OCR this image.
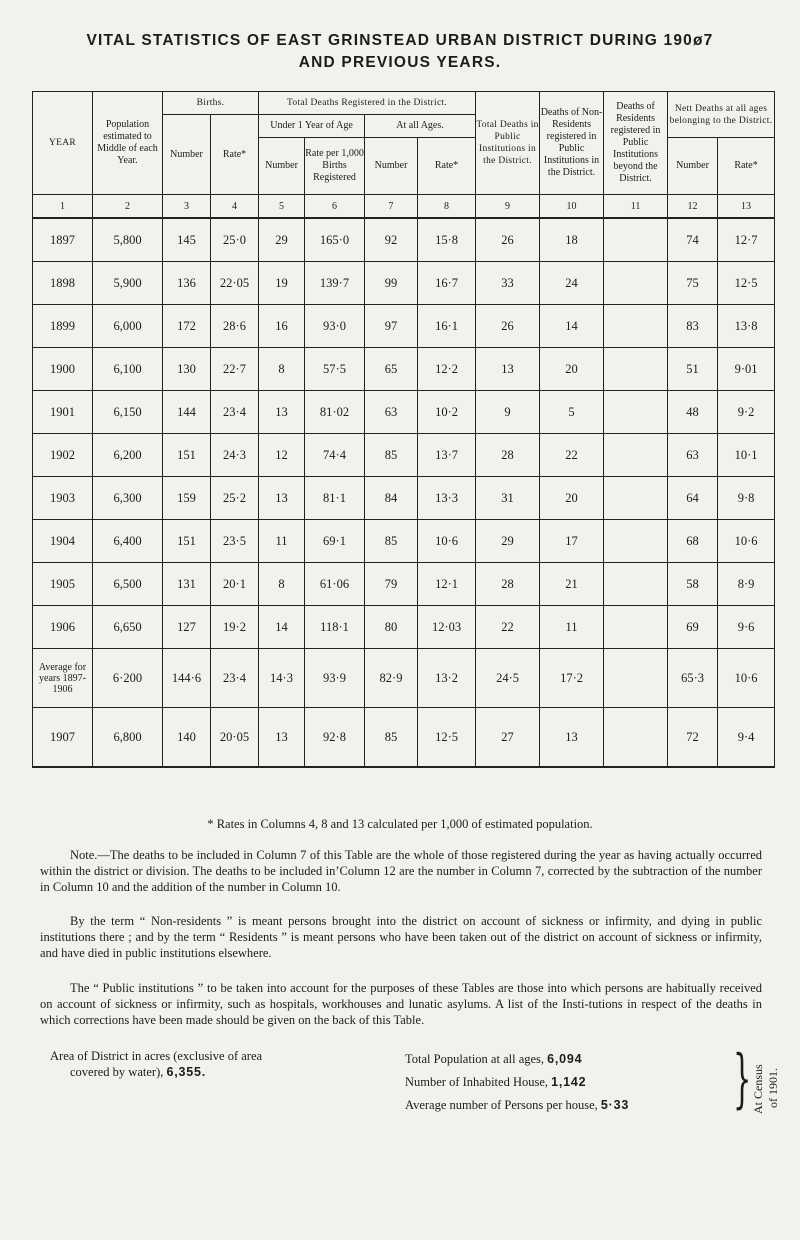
VITAL STATISTICS OF EAST GRINSTEAD URBAN DISTRICT DURING 190ø7
AND PREVIOUS YEARS.
YEAR	Population estimated to Middle of each Year.	Births.		Total Deaths Registered in the District.				Total Deaths in Public Institutions in the District.	Deaths of Non-Residents registered in Public Institutions in the District.	Deaths of Residents registered in Public Institutions beyond the District.	Nett Deaths at all ages belonging to the District.	
		Number	Rate*	Under 1 Year of Age		At all Ages.						
				Number	Rate per 1,000 Births Registered	Number	Rate*				Number	Rate*
1	2	3	4	5	6	7	8	9	10	11	12	13
1897	5,800	145	25·0	29	165·0	92	15·8	26	18		74	12·7
1898	5,900	136	22·05	19	139·7	99	16·7	33	24		75	12·5
1899	6,000	172	28·6	16	93·0	97	16·1	26	14		83	13·8
1900	6,100	130	22·7	8	57·5	65	12·2	13	20		51	9·01
1901	6,150	144	23·4	13	81·02	63	10·2	9	5		48	9·2
1902	6,200	151	24·3	12	74·4	85	13·7	28	22		63	10·1
1903	6,300	159	25·2	13	81·1	84	13·3	31	20		64	9·8
1904	6,400	151	23·5	11	69·1	85	10·6	29	17		68	10·6
1905	6,500	131	20·1	8	61·06	79	12·1	28	21		58	8·9
1906	6,650	127	19·2	14	118·1	80	12·03	22	11		69	9·6
Average for years 1897-1906	6·200	144·6	23·4	14·3	93·9	82·9	13·2	24·5	17·2		65·3	10·6
1907	6,800	140	20·05	13	92·8	85	12·5	27	13		72	9·4
* Rates in Columns 4, 8 and 13 calculated per 1,000 of estimated population.
Note.—The deaths to be included in Column 7 of this Table are the whole of those registered during the year as having actually occurred within the district or division. The deaths to be included in’Column 12 are the number in Column 7, corrected by the subtraction of the number in Column 10 and the addition of the number in Column 10.
By the term “ Non-residents ” is meant persons brought into the district on account of sickness or infirmity, and dying in public institutions there ; and by the term “ Residents ” is meant persons who have been taken out of the district on account of sickness or infirmity, and have died in public institutions elsewhere.
The “ Public institutions ” to be taken into account for the purposes of these Tables are those into which persons are habitually received on account of sickness or infirmity, such as hospitals, workhouses and lunatic asylums. A list of the Insti-tutions in respect of the deaths in which corrections have been made should be given on the back of this Table.
Area of District in acres (exclusive of area
covered by water), 6,355.
Total Population at all ages, 6,094
Number of Inhabited House, 1,142
Average number of Persons per house, 5·33	} At Census of 1901.
